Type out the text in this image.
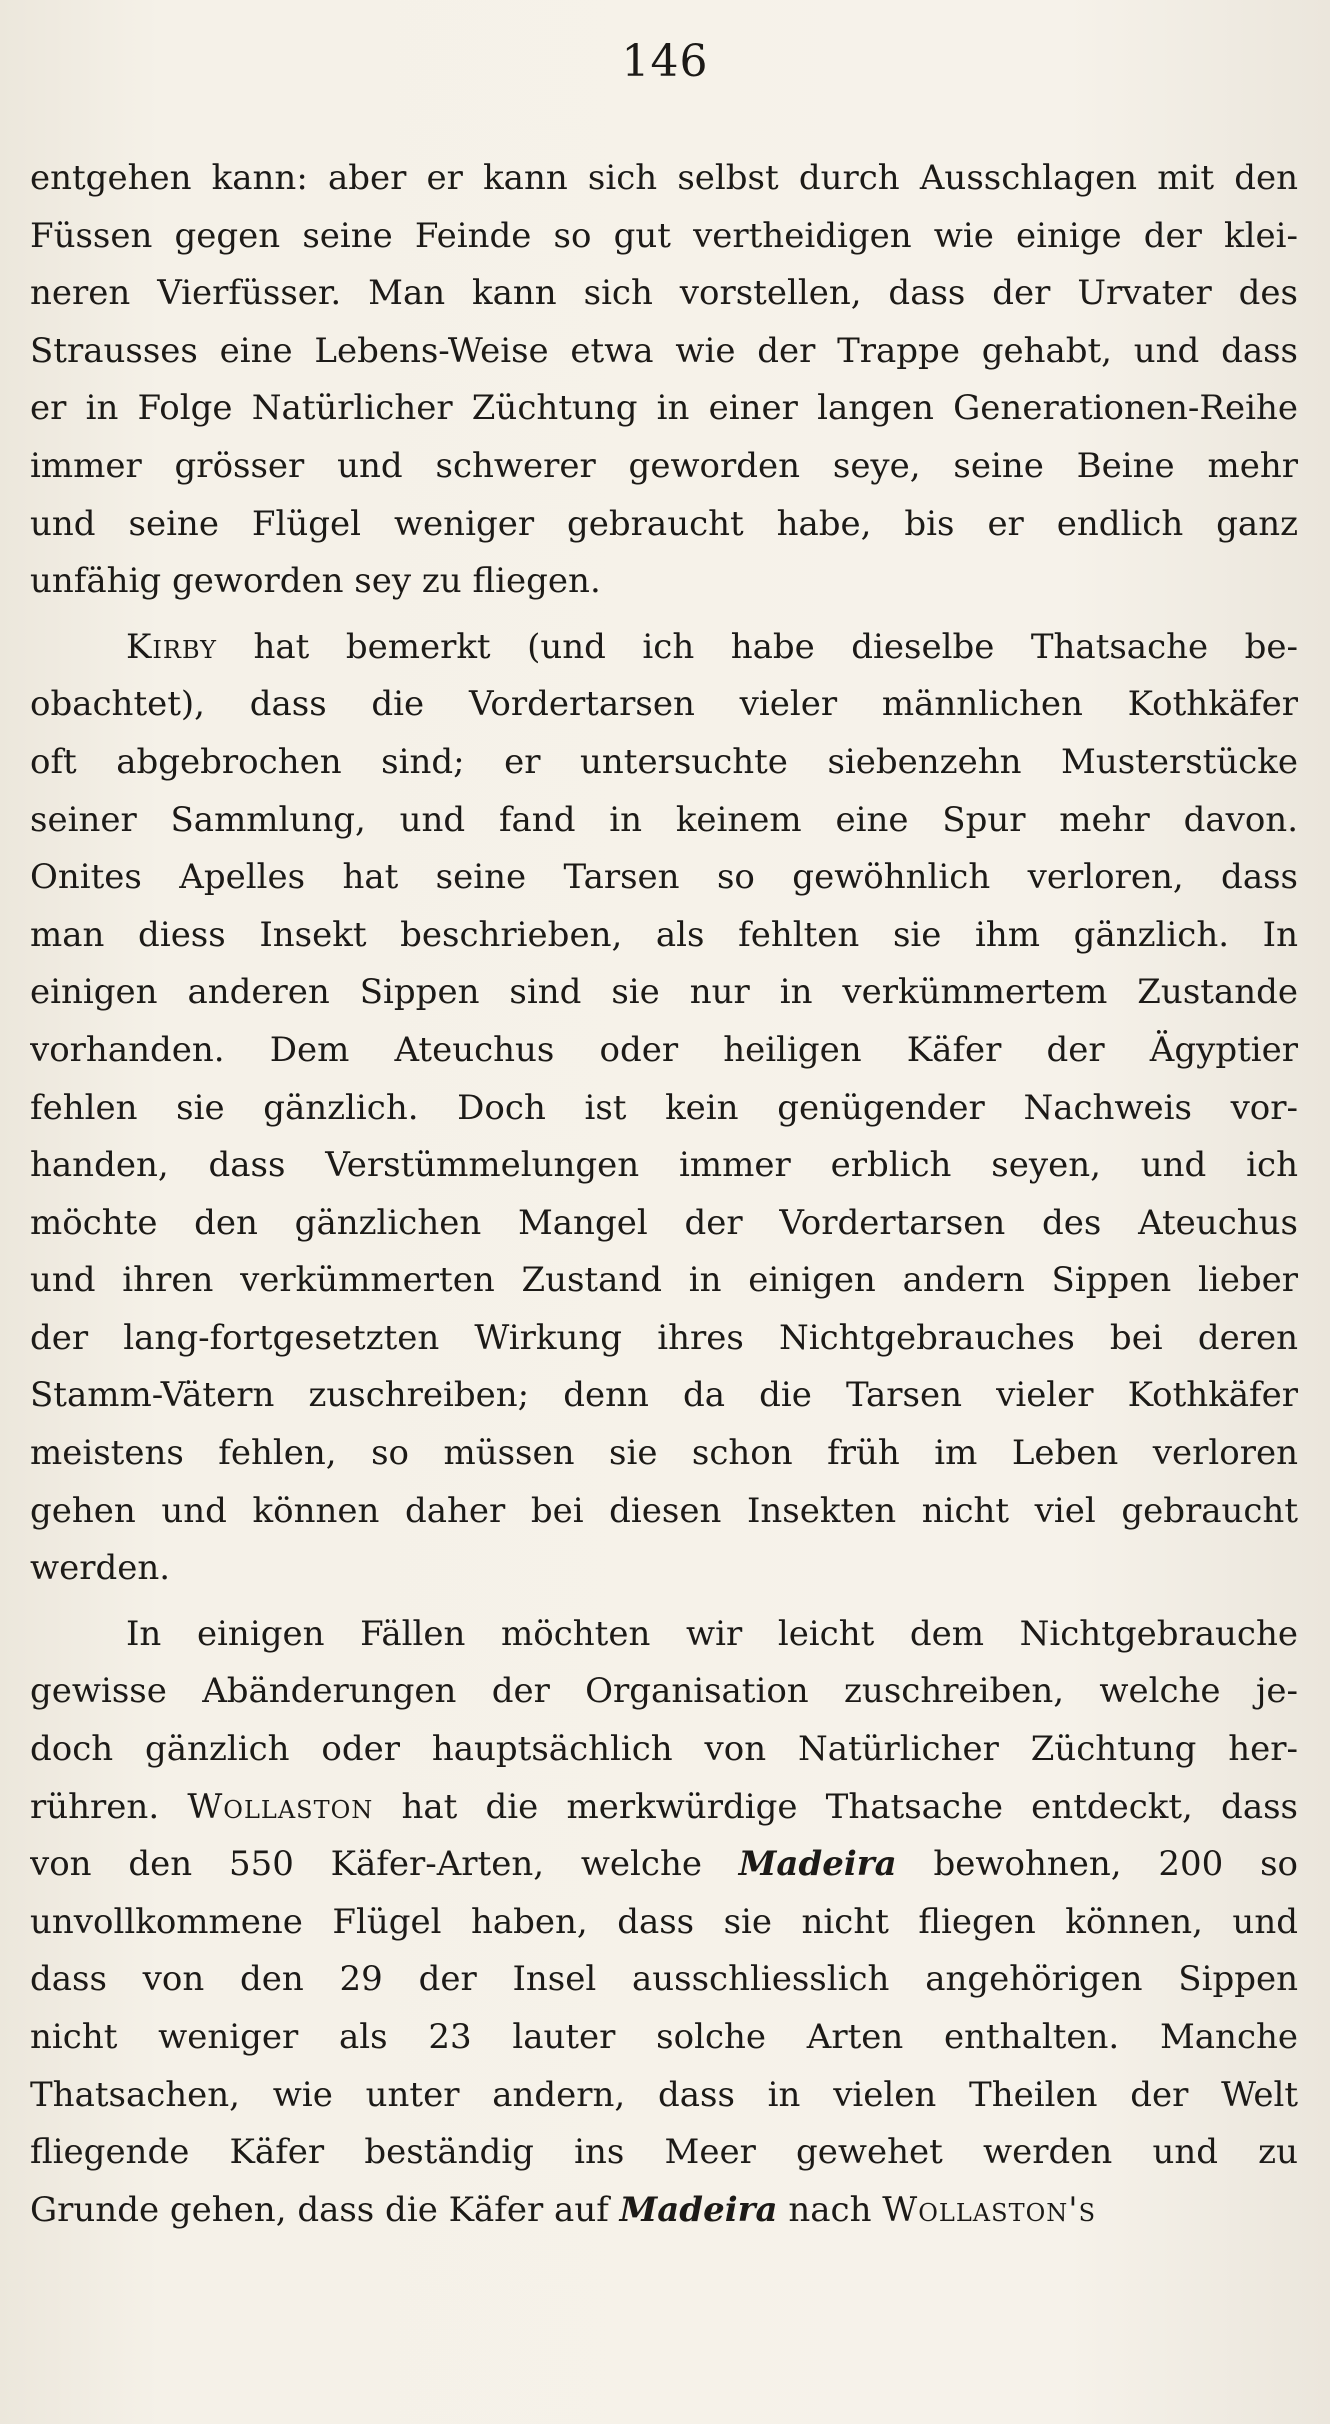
146
entgehen kann: aber er kann sich selbst durch Ausschlagen mit den
Füssen gegen seine Feinde so gut vertheidigen wie einige der klei-
neren Vierfüsser. Man kann sich vorstellen, dass der Urvater des
Strausses eine Lebens-Weise etwa wie der Trappe gehabt, und dass
er in Folge Natürlicher Züchtung in einer langen Generationen-Reihe
immer grösser und schwerer geworden seye, seine Beine mehr
und seine Flügel weniger gebraucht habe, bis er endlich ganz
unfähig geworden sey zu fliegen.
Kirby hat bemerkt (und ich habe dieselbe Thatsache be-
obachtet), dass die Vordertarsen vieler männlichen Kothkäfer
oft abgebrochen sind; er untersuchte siebenzehn Musterstücke
seiner Sammlung, und fand in keinem eine Spur mehr davon.
Onites Apelles hat seine Tarsen so gewöhnlich verloren, dass
man diess Insekt beschrieben, als fehlten sie ihm gänzlich. In
einigen anderen Sippen sind sie nur in verkümmertem Zustande
vorhanden. Dem Ateuchus oder heiligen Käfer der Ägyptier
fehlen sie gänzlich. Doch ist kein genügender Nachweis vor-
handen, dass Verstümmelungen immer erblich seyen, und ich
möchte den gänzlichen Mangel der Vordertarsen des Ateuchus
und ihren verkümmerten Zustand in einigen andern Sippen lieber
der lang-fortgesetzten Wirkung ihres Nichtgebrauches bei deren
Stamm-Vätern zuschreiben; denn da die Tarsen vieler Kothkäfer
meistens fehlen, so müssen sie schon früh im Leben verloren
gehen und können daher bei diesen Insekten nicht viel gebraucht
werden.
In einigen Fällen möchten wir leicht dem Nichtgebrauche
gewisse Abänderungen der Organisation zuschreiben, welche je-
doch gänzlich oder hauptsächlich von Natürlicher Züchtung her-
rühren. Wollaston hat die merkwürdige Thatsache entdeckt, dass
von den 550 Käfer-Arten, welche Madeira bewohnen, 200 so
unvollkommene Flügel haben, dass sie nicht fliegen können, und
dass von den 29 der Insel ausschliesslich angehörigen Sippen
nicht weniger als 23 lauter solche Arten enthalten. Manche
Thatsachen, wie unter andern, dass in vielen Theilen der Welt
fliegende Käfer beständig ins Meer gewehet werden und zu
Grunde gehen, dass die Käfer auf Madeira nach Wollaston's
